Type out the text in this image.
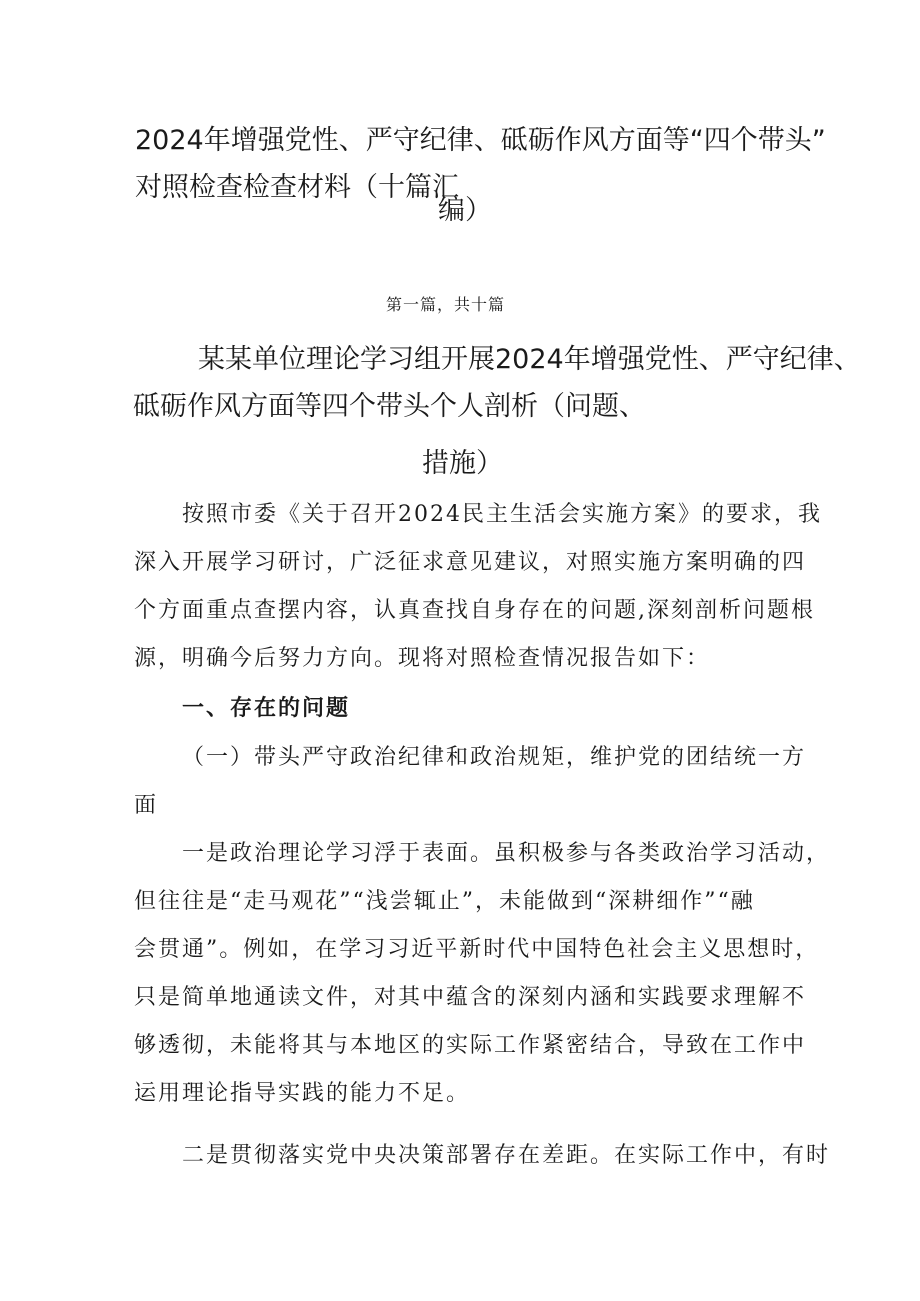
2024年增强党性、严守纪律、砥砺作风方面等“四个带头”

对照检查检查材料（十篇汇

编）

第一篇，共十篇

某某单位理论学习组开展2024年增强党性、严守纪律、

砥砺作风方面等四个带头个人剖析（问题、

措施）

按照市委《关于召开2024民主生活会实施方案》的要求，我

深入开展学习研讨，广泛征求意见建议，对照实施方案明确的四

个方面重点查摆内容，认真查找自身存在的问题,深刻剖析问题根

源，明确今后努力方向。现将对照检查情况报告如下：

一、存在的问题

（一）带头严守政治纪律和政治规矩，维护党的团结统一方

面

一是政治理论学习浮于表面。虽积极参与各类政治学习活动，

但往往是“走马观花”“浅尝辄止”，未能做到“深耕细作”“融

会贯通”。例如，在学习习近平新时代中国特色社会主义思想时，

只是简单地通读文件，对其中蕴含的深刻内涵和实践要求理解不

够透彻，未能将其与本地区的实际工作紧密结合，导致在工作中

运用理论指导实践的能力不足。

二是贯彻落实党中央决策部署存在差距。在实际工作中，有时
